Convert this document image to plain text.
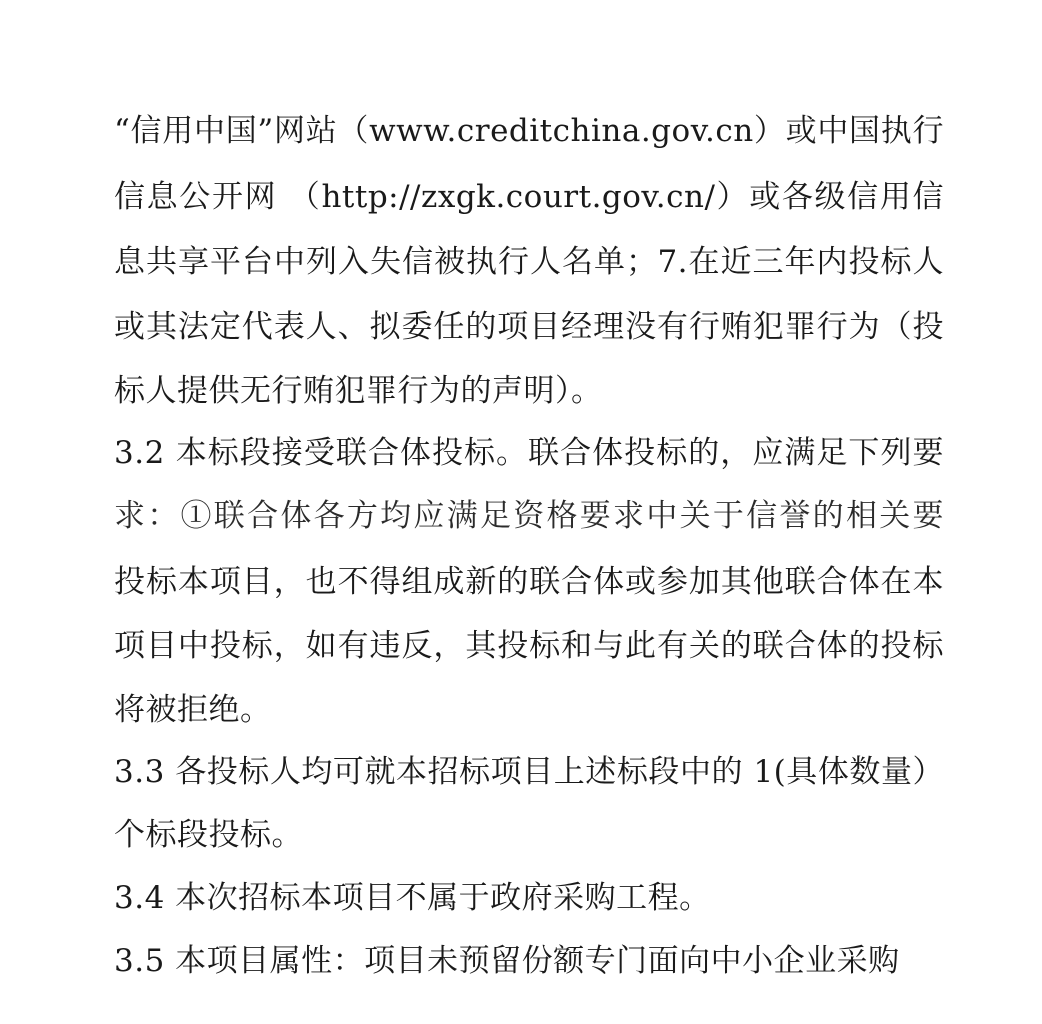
“信用中国”网站（www.creditchina.gov.cn）或中国执行
信息公开网 （http://zxgk.court.gov.cn/）或各级信用信
息共享平台中列入失信被执行人名单；7.在近三年内投标人
或其法定代表人、拟委任的项目经理没有行贿犯罪行为（投
标人提供无行贿犯罪行为的声明）。
3.2 本标段接受联合体投标。联合体投标的，应满足下列要
求：①联合体各方均应满足资格要求中关于信誉的相关要
投标本项目，也不得组成新的联合体或参加其他联合体在本
项目中投标，如有违反，其投标和与此有关的联合体的投标
将被拒绝。
3.3 各投标人均可就本招标项目上述标段中的 1(具体数量）
个标段投标。
3.4 本次招标本项目不属于政府采购工程。
3.5 本项目属性：项目未预留份额专门面向中小企业采购
